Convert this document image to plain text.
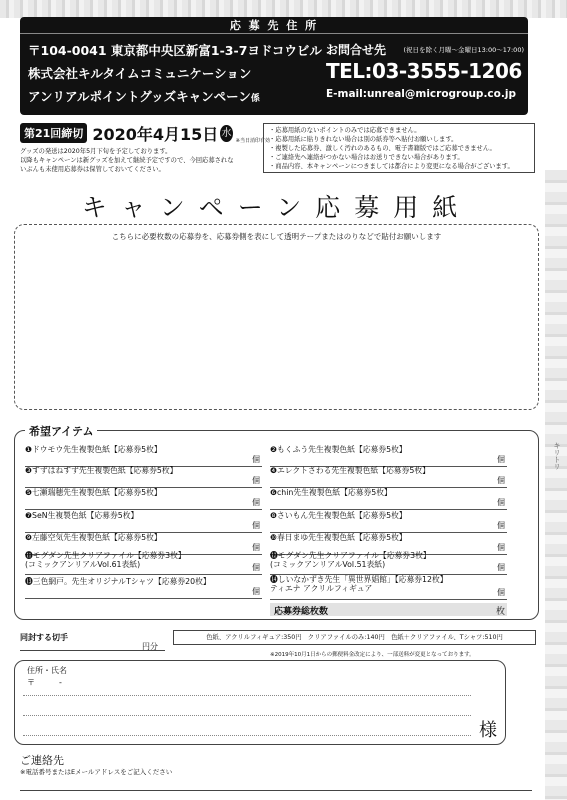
キリトリ
応 募 先 住 所
〒104-0041 東京都中央区新富1-3-7ヨドコウビル
株式会社キルタイムコミュニケーション
アンリアルポイントグッズキャンペーン係
お問合せ先	(祝日を除く月曜～金曜日13:00～17:00)
TEL:03-3555-1206
E-mail:unreal@microgroup.co.jp
第21回締切 2020年4月15日 水
※当日消印有効
グッズの発送は2020年5月下旬を予定しております。
以降もキャンペーンは新グッズを加えて継続予定ですので、今回応募されな
いぶんも未使用応募券は保管しておいてください。
・応募用紙のないポイントのみでは応募できません。
・応募用紙に貼りきれない場合は別の紙券等へ貼付お願いします。
・複製した応募券、激しく汚れのあるもの、電子書籍版ではご応募できません。
・ご連絡先へ連絡がつかない場合はお送りできない場合があります。
・商品内容、本キャンペーンにつきましては都合により変更になる場合がございます。
キャンペーン応募用紙
こちらに必要枚数の応募券を、応募券側を表にして透明テープまたはのりなどで貼付お願いします
希望アイテム
❶ドウモウ先生複製色紙【応募券5枚】
個
❷もくふう先生複製色紙【応募券5枚】
個
❸すずはねすず先生複製色紙【応募券5枚】
個
❹エレクトさわる先生複製色紙【応募券5枚】
個
❺七瀬瑞穂先生複製色紙【応募券5枚】
個
❻chin先生複製色紙【応募券5枚】
個
❼SeN生複製色紙【応募券5枚】
個
❽さいもん先生複製色紙【応募券5枚】
個
❾左藤空気先生複製色紙【応募券5枚】
個
❿春日まゆ先生複製色紙【応募券5枚】
個
⓫モグダン先生クリアファイル【応募券3枚】
(コミックアンリアルVol.61表紙)	個
⓬モグダン先生クリアファイル【応募券3枚】
(コミックアンリアルVol.51表紙)	個
⓭三色網戸。先生オリジナルTシャツ【応募券20枚】
個
⓮しいなかずき先生「異世界娼館」【応募券12枚】
ティエナ アクリルフィギュア	個
応募券総枚数	枚
同封する切手
円分
色紙、アクリルフィギュア:350円　クリアファイルのみ:140円　色紙＋クリアファイル、Tシャツ:510円
※2019年10月1日からの郵便料金改定により、一部送料が変更となっております。
住所・氏名
〒　　　-
様
ご連絡先
※電話番号またはEメールアドレスをご記入ください
